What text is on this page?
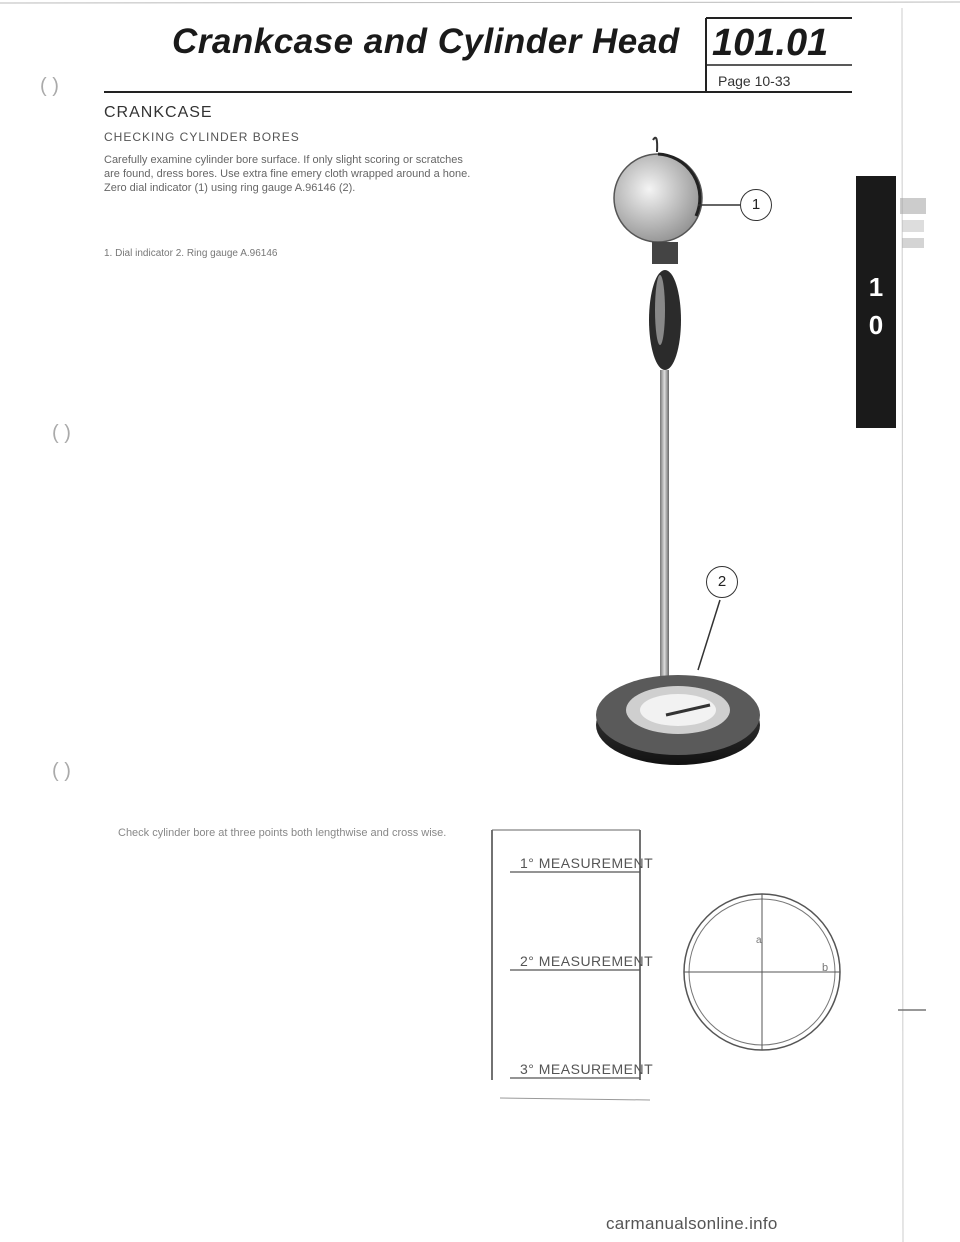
Crankcase and Cylinder Head 101.01
Page 10-33
( )
( )
( )
CRANKCASE
CHECKING CYLINDER BORES
Carefully examine cylinder bore surface. If only slight scoring or scratches are found, dress bores. Use extra fine emery cloth wrapped around a hone. Zero dial indicator (1) using ring gauge A.96146 (2).
1. Dial indicator 2. Ring gauge A.96146
Check cylinder bore at three points both lengthwise and cross wise.
1
2
1
0
1° MEASUREMENT
2° MEASUREMENT
3° MEASUREMENT
a
b
carmanualsonline.info
